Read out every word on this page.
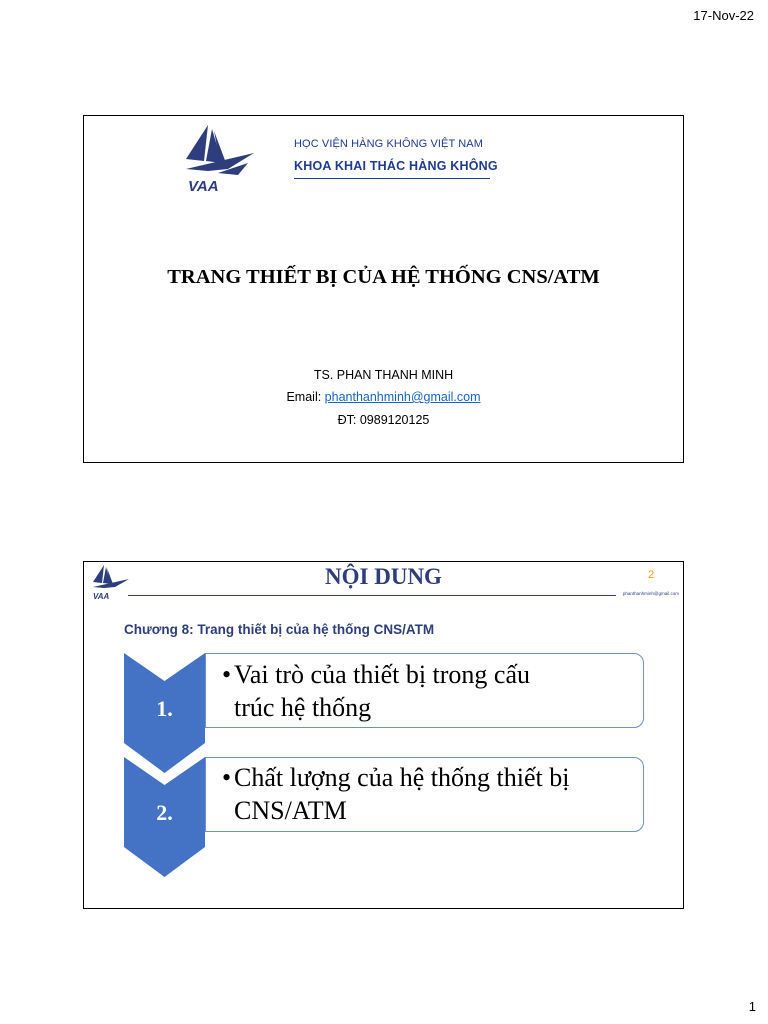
17-Nov-22
VAA
HỌC VIỆN HÀNG KHÔNG VIỆT NAM
KHOA KHAI THÁC HÀNG KHÔNG
TRANG THIẾT BỊ CỦA HỆ THỐNG CNS/ATM
TS. PHAN THANH MINH
Email: phanthanhminh@gmail.com
ĐT: 0989120125
VAA
NỘI DUNG	2
phanthanhminh@gmail.com
Chương 8: Trang thiết bị của hệ thống CNS/ATM
1.
• Vai trò của thiết bị trong cấu
trúc hệ thống
2.
• Chất lượng của hệ thống thiết bị
CNS/ATM
1
